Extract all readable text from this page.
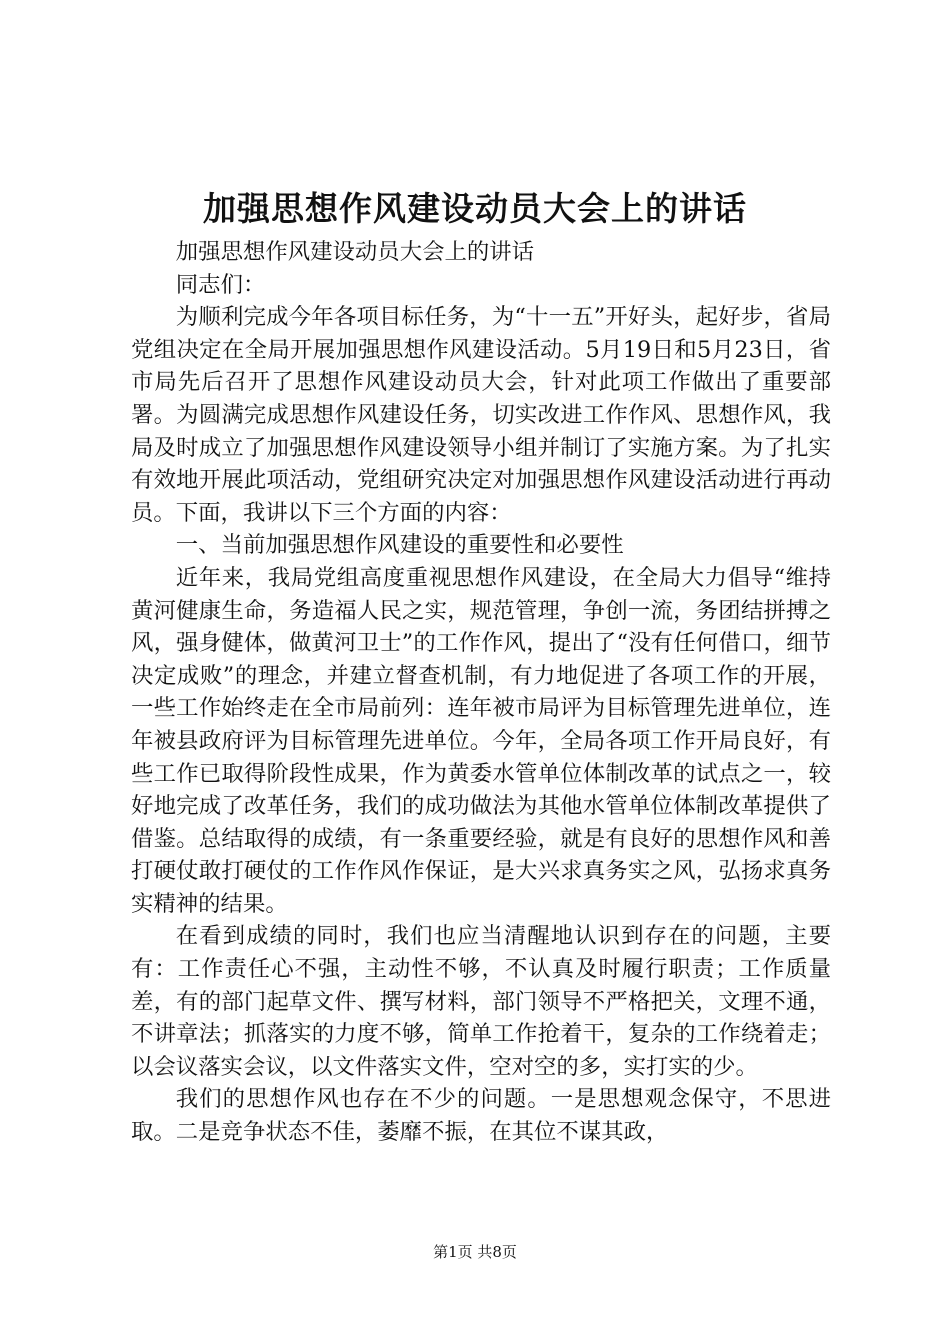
加强思想作风建设动员大会上的讲话

加强思想作风建设动员大会上的讲话

同志们：

为顺利完成今年各项目标任务，为“十一五”开好头，起好步，省局党组决定在全局开展加强思想作风建设活动。5月19日和5月23日，省市局先后召开了思想作风建设动员大会，针对此项工作做出了重要部署。为圆满完成思想作风建设任务，切实改进工作作风、思想作风，我局及时成立了加强思想作风建设领导小组并制订了实施方案。为了扎实有效地开展此项活动，党组研究决定对加强思想作风建设活动进行再动员。下面，我讲以下三个方面的内容：

一、当前加强思想作风建设的重要性和必要性

近年来，我局党组高度重视思想作风建设，在全局大力倡导“维持黄河健康生命，务造福人民之实，规范管理，争创一流，务团结拼搏之风，强身健体，做黄河卫士”的工作作风，提出了“没有任何借口，细节决定成败”的理念，并建立督查机制，有力地促进了各项工作的开展，一些工作始终走在全市局前列：连年被市局评为目标管理先进单位，连年被县政府评为目标管理先进单位。今年，全局各项工作开局良好，有些工作已取得阶段性成果，作为黄委水管单位体制改革的试点之一，较好地完成了改革任务，我们的成功做法为其他水管单位体制改革提供了借鉴。总结取得的成绩，有一条重要经验，就是有良好的思想作风和善打硬仗敢打硬仗的工作作风作保证，是大兴求真务实之风，弘扬求真务实精神的结果。

在看到成绩的同时，我们也应当清醒地认识到存在的问题，主要有：工作责任心不强，主动性不够，不认真及时履行职责；工作质量差，有的部门起草文件、撰写材料，部门领导不严格把关，文理不通，不讲章法；抓落实的力度不够，简单工作抢着干，复杂的工作绕着走；以会议落实会议，以文件落实文件，空对空的多，实打实的少。

我们的思想作风也存在不少的问题。一是思想观念保守，不思进取。二是竞争状态不佳，萎靡不振，在其位不谋其政，

第1页 共8页
